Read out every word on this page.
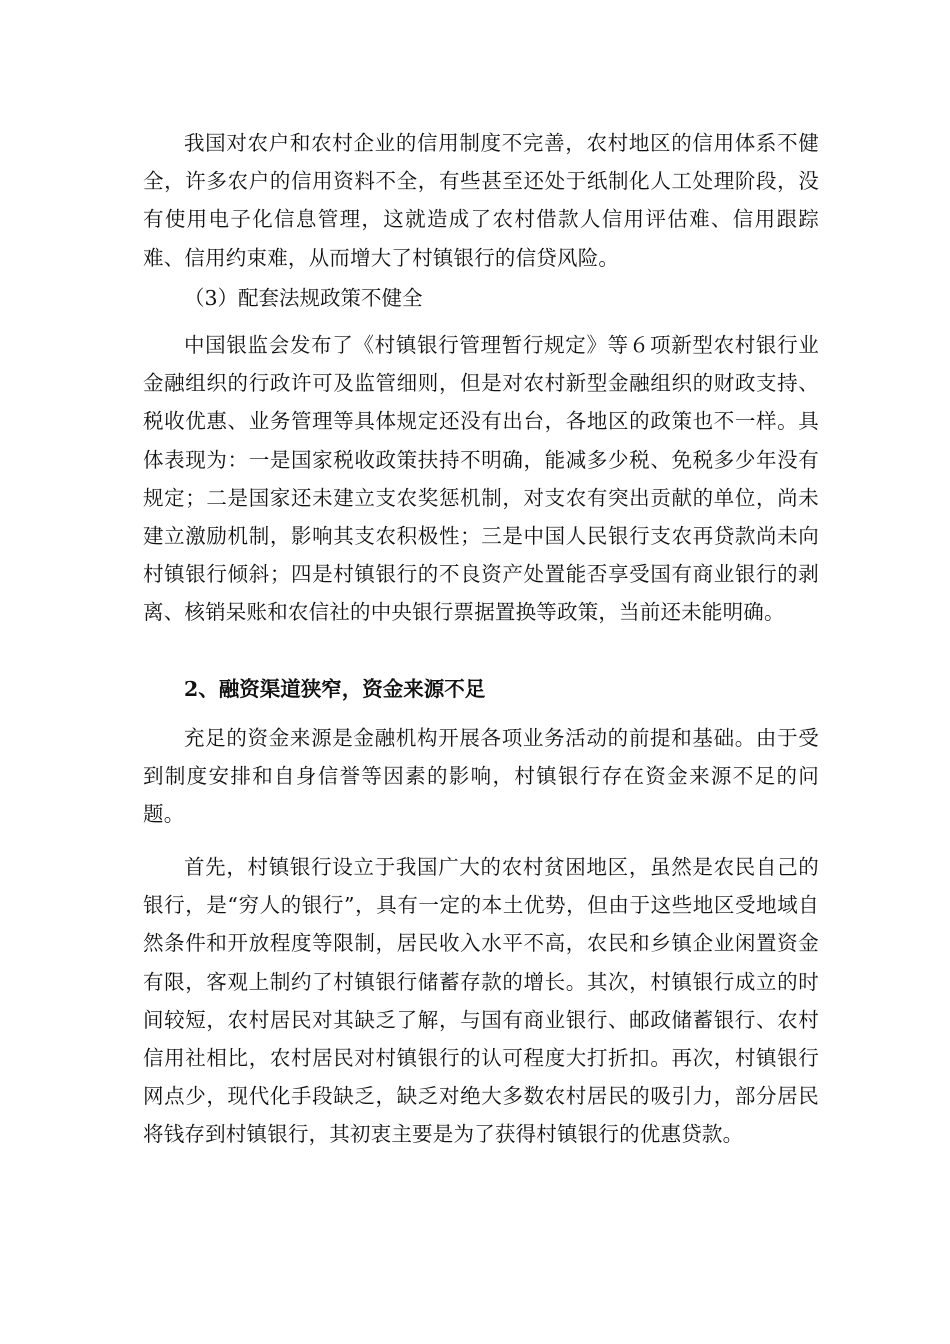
我国对农户和农村企业的信用制度不完善，农村地区的信用体系不健全，许多农户的信用资料不全，有些甚至还处于纸制化人工处理阶段，没有使用电子化信息管理，这就造成了农村借款人信用评估难、信用跟踪难、信用约束难，从而增大了村镇银行的信贷风险。

（3）配套法规政策不健全

中国银监会发布了《村镇银行管理暂行规定》等６项新型农村银行业金融组织的行政许可及监管细则，但是对农村新型金融组织的财政支持、税收优惠、业务管理等具体规定还没有出台，各地区的政策也不一样。具体表现为：一是国家税收政策扶持不明确，能减多少税、免税多少年没有规定；二是国家还未建立支农奖惩机制，对支农有突出贡献的单位，尚未建立激励机制，影响其支农积极性；三是中国人民银行支农再贷款尚未向村镇银行倾斜；四是村镇银行的不良资产处置能否享受国有商业银行的剥离、核销呆账和农信社的中央银行票据置换等政策，当前还未能明确。

2、融资渠道狭窄，资金来源不足

充足的资金来源是金融机构开展各项业务活动的前提和基础。由于受到制度安排和自身信誉等因素的影响，村镇银行存在资金来源不足的问题。

首先，村镇银行设立于我国广大的农村贫困地区，虽然是农民自己的银行，是“穷人的银行”，具有一定的本土优势，但由于这些地区受地域自然条件和开放程度等限制，居民收入水平不高，农民和乡镇企业闲置资金有限，客观上制约了村镇银行储蓄存款的增长。其次，村镇银行成立的时间较短，农村居民对其缺乏了解，与国有商业银行、邮政储蓄银行、农村信用社相比，农村居民对村镇银行的认可程度大打折扣。再次，村镇银行网点少，现代化手段缺乏，缺乏对绝大多数农村居民的吸引力，部分居民将钱存到村镇银行，其初衷主要是为了获得村镇银行的优惠贷款。
